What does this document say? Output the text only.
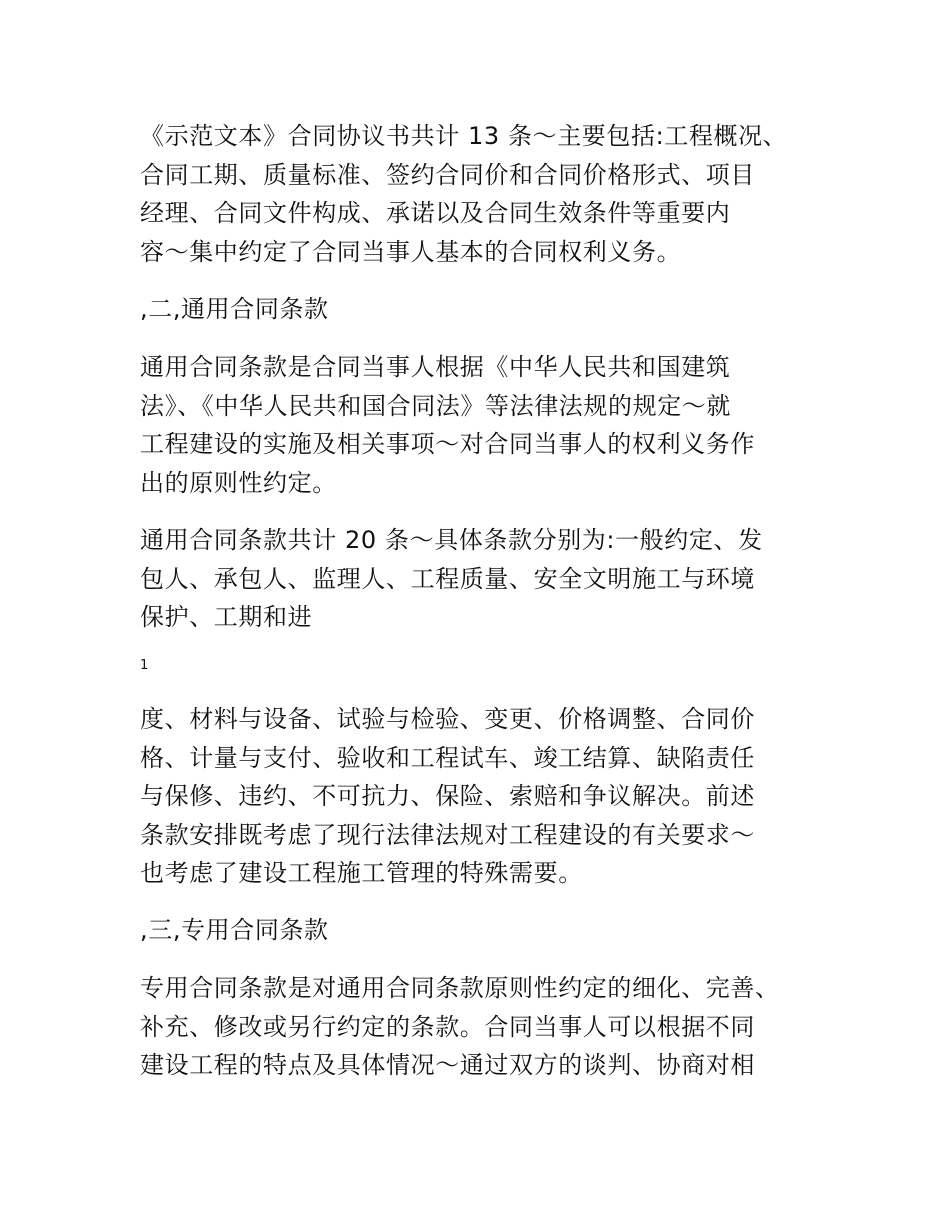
《示范文本》合同协议书共计 13 条～主要包括:工程概况、
合同工期、质量标准、签约合同价和合同价格形式、项目
经理、合同文件构成、承诺以及合同生效条件等重要内
容～集中约定了合同当事人基本的合同权利义务。
,二,通用合同条款
通用合同条款是合同当事人根据《中华人民共和国建筑
法》、《中华人民共和国合同法》等法律法规的规定～就
工程建设的实施及相关事项～对合同当事人的权利义务作
出的原则性约定。
通用合同条款共计 20 条～具体条款分别为:一般约定、发
包人、承包人、监理人、工程质量、安全文明施工与环境
保护、工期和进
1
度、材料与设备、试验与检验、变更、价格调整、合同价
格、计量与支付、验收和工程试车、竣工结算、缺陷责任
与保修、违约、不可抗力、保险、索赔和争议解决。前述
条款安排既考虑了现行法律法规对工程建设的有关要求～
也考虑了建设工程施工管理的特殊需要。
,三,专用合同条款
专用合同条款是对通用合同条款原则性约定的细化、完善、
补充、修改或另行约定的条款。合同当事人可以根据不同
建设工程的特点及具体情况～通过双方的谈判、协商对相
